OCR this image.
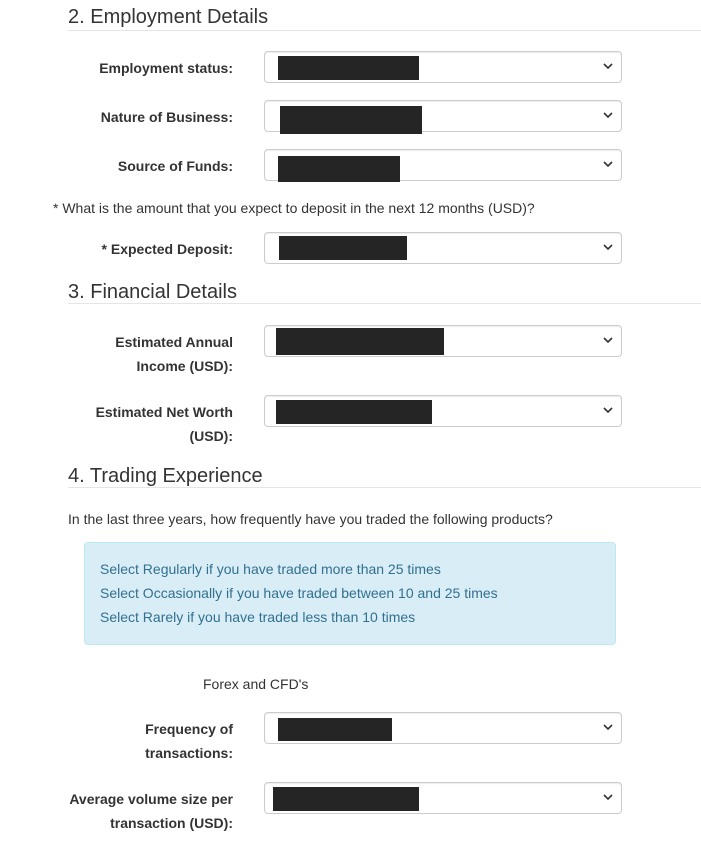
2. Employment Details
Employment status:
Nature of Business:
Source of Funds:
* What is the amount that you expect to deposit in the next 12 months (USD)?
* Expected Deposit:
3. Financial Details
Estimated Annual
Income (USD):
Estimated Net Worth
(USD):
4. Trading Experience
In the last three years, how frequently have you traded the following products?
Select Regularly if you have traded more than 25 times
Select Occasionally if you have traded between 10 and 25 times
Select Rarely if you have traded less than 10 times
Forex and CFD's
Frequency of
transactions:
Average volume size per
transaction (USD):
